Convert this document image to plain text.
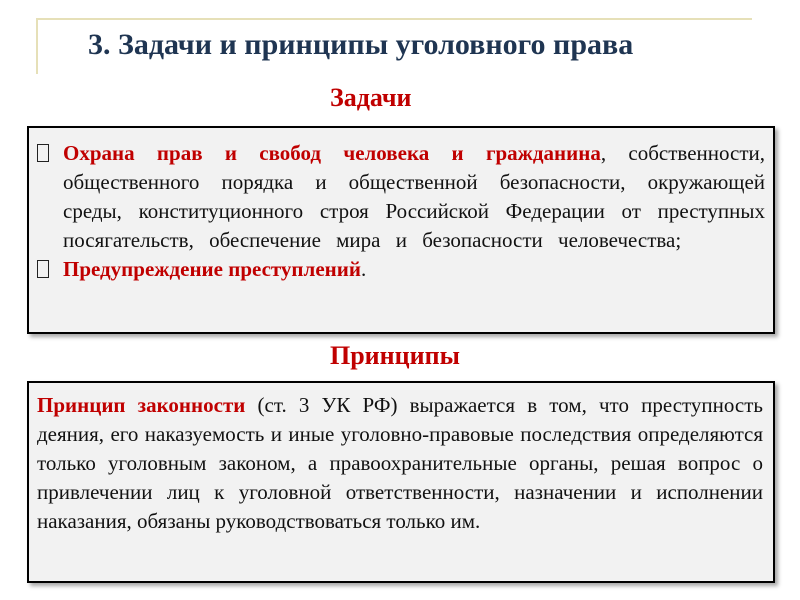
3. Задачи и принципы уголовного права
Задачи
Охрана прав и свобод человека и гражданина, собственности, общественного порядка и общественной безопасности, окружающей среды, конституционного строя Российской Федерации от преступных посягательств, обеспечение мира и безопасности человечества;
Предупреждение преступлений.
Принципы
Принцип законности (ст. 3 УК РФ) выражается в том, что преступность деяния, его наказуемость и иные уголовно-правовые последствия определяются только уголовным законом, а правоохранительные органы, решая вопрос о привлечении лиц к уголовной ответственности, назначении и исполнении наказания, обязаны руководствоваться только им.
